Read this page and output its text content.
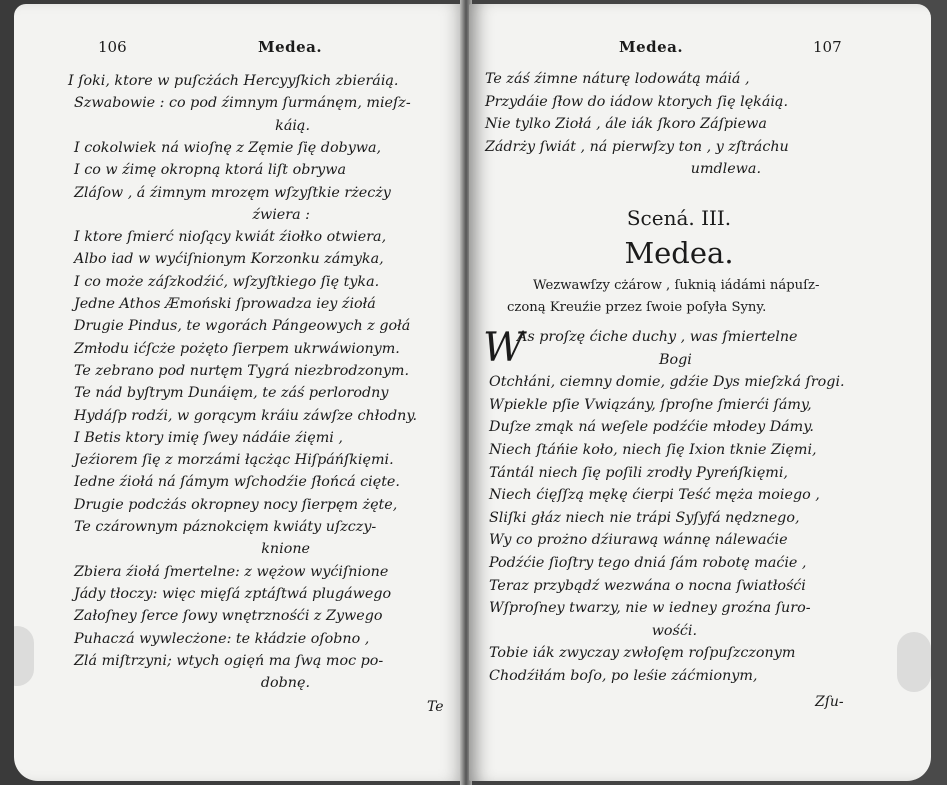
106	Medea.
I ſoki, ktore w puſcżách Hercyyſkich zbieráią.
Szwabowie : co pod źimnym ſurmánęm, mieſz-
káią.
I cokolwiek ná wioſnę z Zęmie ſię dobywa,
I co w źimę okropną ktorá liſt obrywa
Zláſow , á źimnym mrozęm wſzyſtkie rżecży
źwiera :
I ktore ſmierć nioſący kwiát źiołko otwiera,
Albo iad w wyćiſnionym Korzonku zámyka,
I co może záſzkodźić, wſzyſtkiego ſię tyka.
Jedne Athos Æmoński ſprowadza iey źiołá
Drugie Pindus, te wgorách Pángeowych z gołá
Zmłodu ićſcże pożęto ſierpem ukrwáwionym.
Te zebrano pod nurtęm Tygrá niezbrodzonym.
Te nád byſtrym Dunáięm, te záś perlorodny
Hydáſp rodźi, w gorącym kráiu záwſze chłodny.
I Betis ktory imię ſwey nádáie źięmi ,
Jeźiorem ſię z morzámi łącżąc Hiſpáńſkięmi.
Iedne źiołá ná ſámym wſchodźie ſłońcá cięte.
Drugie podcżás okropney nocy ſierpęm żęte,
Te czárownym páznokcięm kwiáty uſzczy-
knione
Zbiera źiołá ſmertelne: z wężow wyćiſnione
Jády tłoczy: więc mięſá zptáſtwá plugáwego
Załoſney ſerce ſowy wnętrznośći z Zywego
Puhaczá wywlecżone: te kłádzie oſobno ,
Zlá miſtrzyni; wtych ogięń ma ſwą moc po-
dobnę.
Te
Medea.	107
Te záś źimne náturę lodowátą máiá ,
Przydáie ſłow do iádow ktorych ſię lękáią.
Nie tylko Ziołá , ále iák ſkoro Záſpiewa
Zádrży ſwiát , ná pierwſzy ton , y zſtráchu
umdlewa.
Scená. III.
Medea.
Wezwawſzy cżárow , ſuknią iádámi nápuſz-
czoną Kreuźie przez ſwoie poſyła Syny.
W
As proſzę ćiche duchy , was ſmiertelne
Bogi
Otchłáni, ciemny domie, gdźie Dys mieſzká ſrogi.
Wpiekle pſie Vwiązány, ſproſne ſmierći ſámy,
Duſze zmąk ná weſele podźćie młodey Dámy.
Niech ſtáńie koło, niech ſię Ixion tknie Zięmi,
Tántál niech ſię poſili zrodły Pyreńſkięmi,
Niech ćięſſzą mękę ćierpi Teść męża moiego ,
Sliſki głáz niech nie trápi Syſyfá nędznego,
Wy co prożno dźiurawą wánnę nálewaćie
Podźćie ſioſtry tego dniá ſám robotę maćie ,
Teraz przybądź wezwána o nocna ſwiatłośći
Wſproſney twarzy, nie w iedney groźna ſuro-
wośći.
Tobie iák zwyczay zwłoſęm roſpuſzczonym
Chodźiłám boſo, po leśie záćmionym,
Zſu-
